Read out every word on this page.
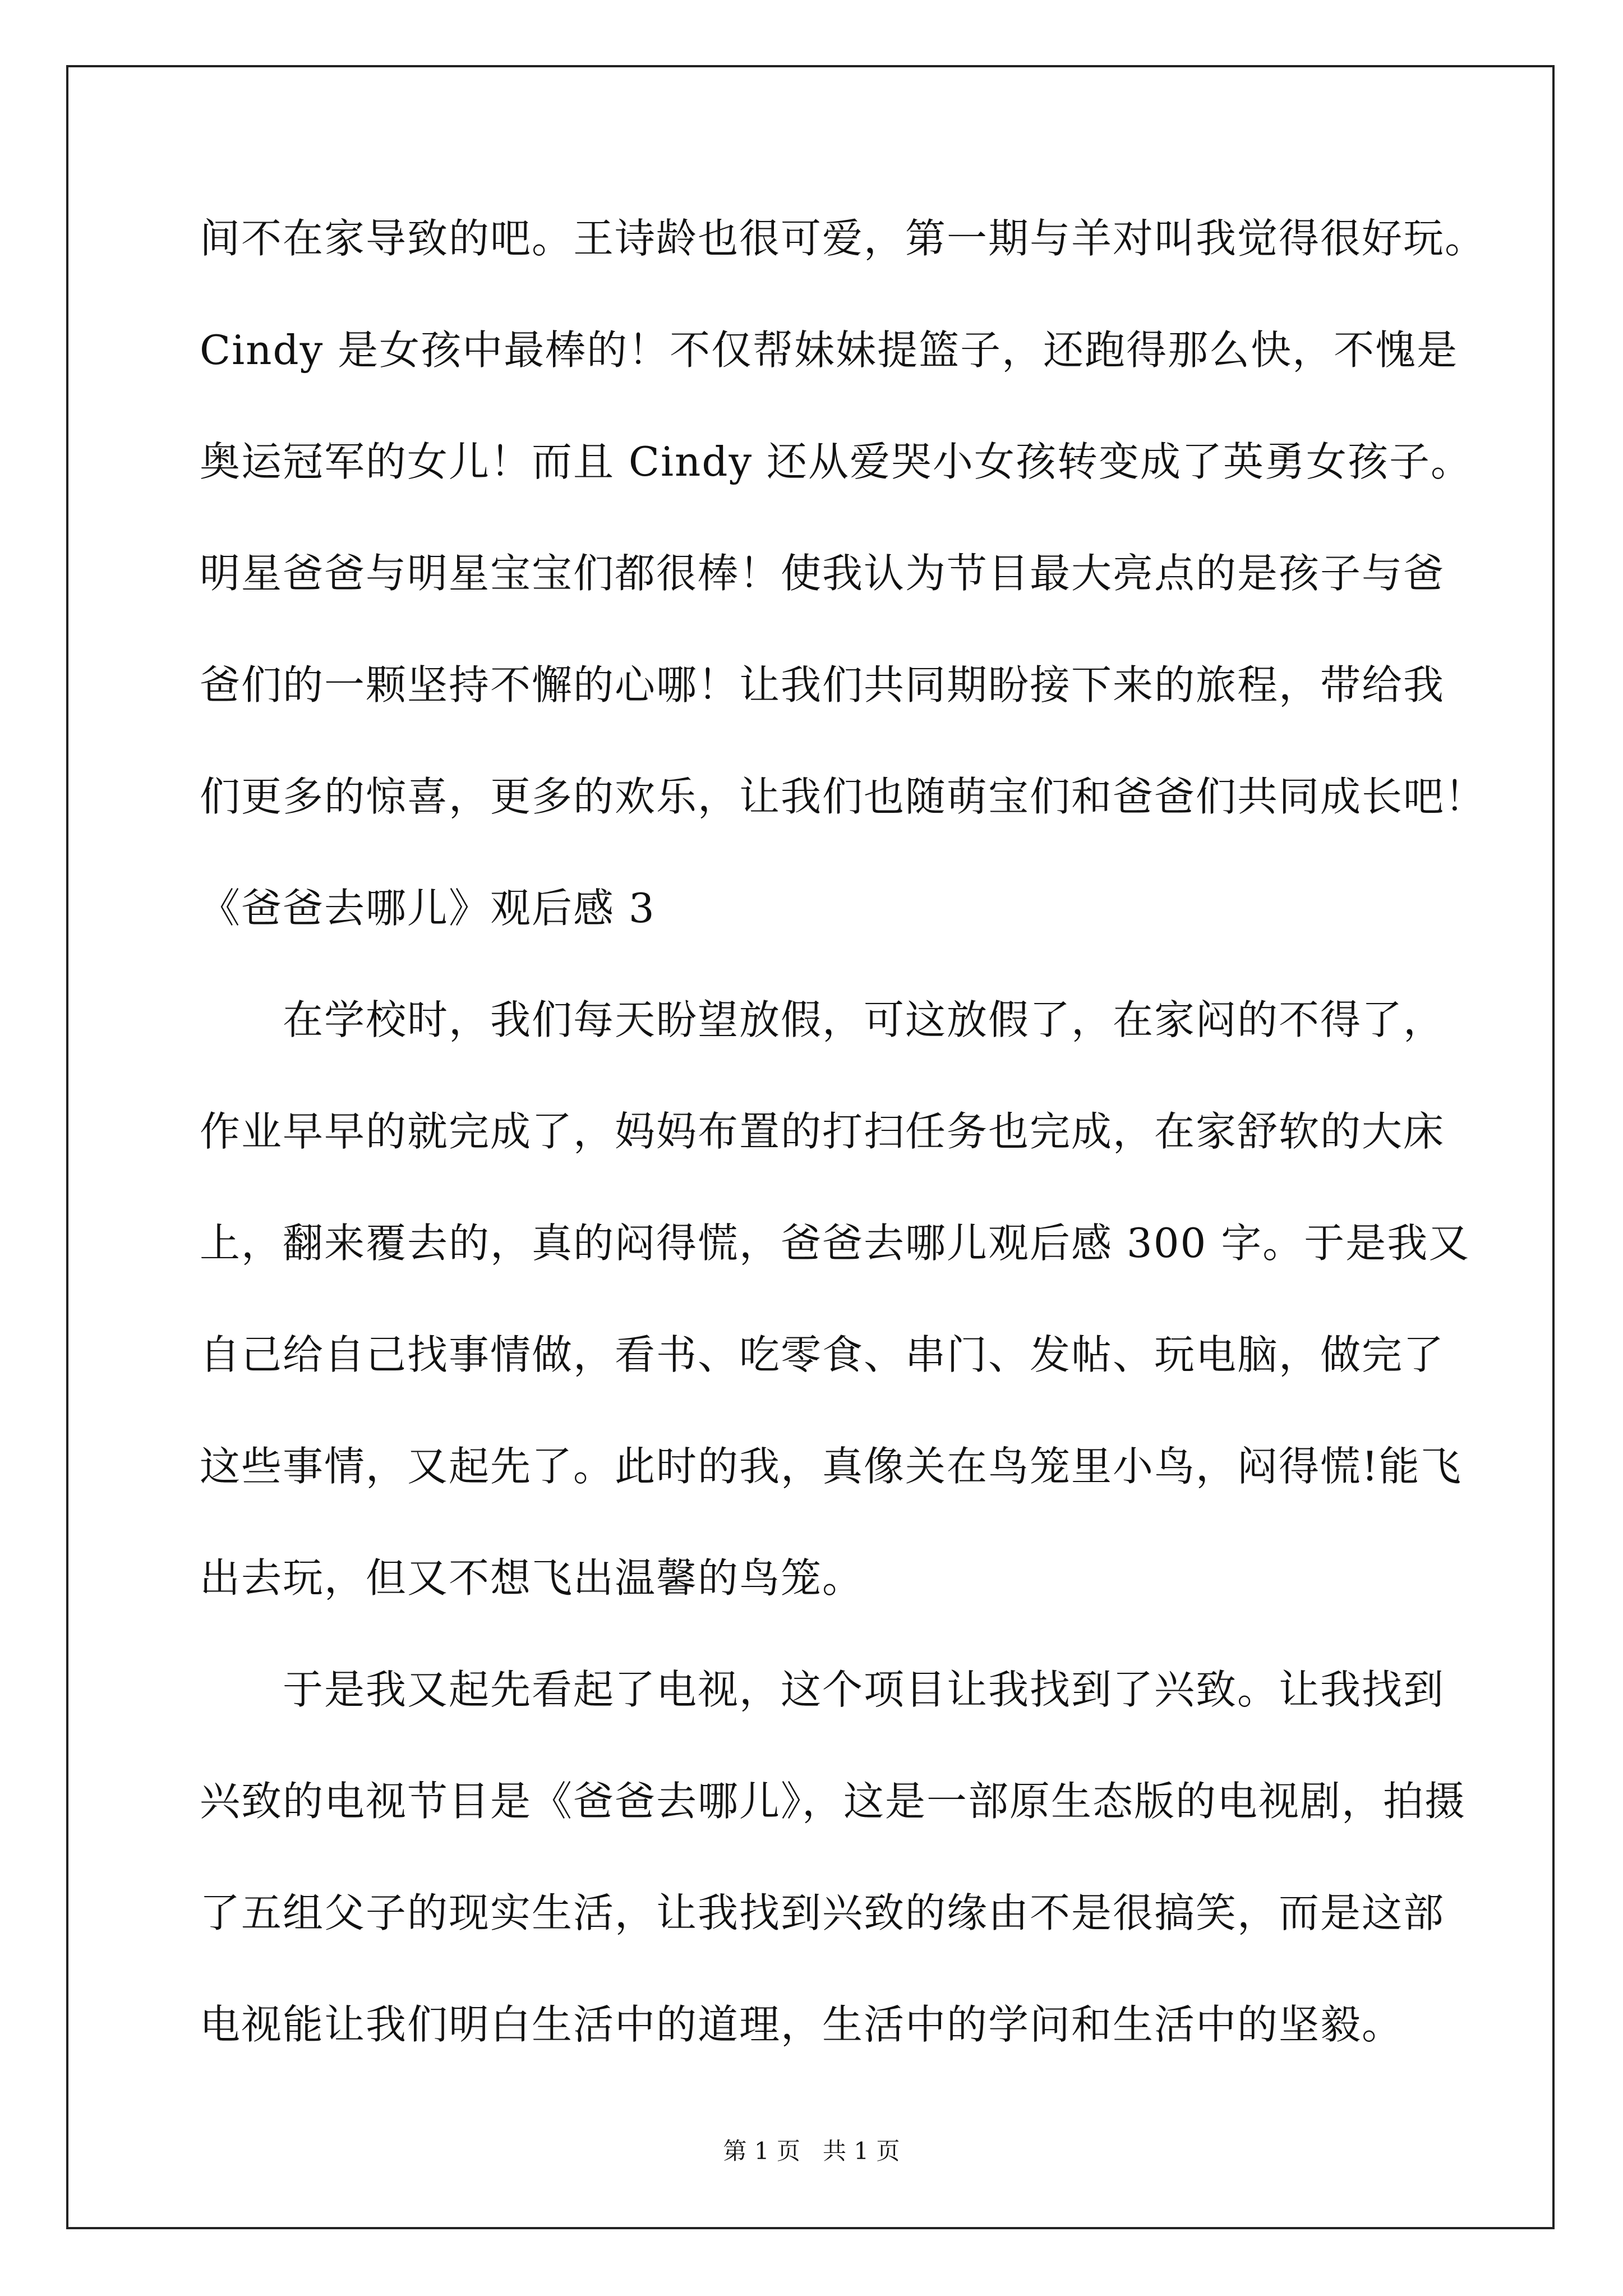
间不在家导致的吧。王诗龄也很可爱，第一期与羊对叫我觉得很好玩。
Cindy 是女孩中最棒的！不仅帮妹妹提篮子，还跑得那么快，不愧是
奥运冠军的女儿！而且 Cindy 还从爱哭小女孩转变成了英勇女孩子。
明星爸爸与明星宝宝们都很棒！使我认为节目最大亮点的是孩子与爸
爸们的一颗坚持不懈的心哪！让我们共同期盼接下来的旅程，带给我
们更多的惊喜，更多的欢乐，让我们也随萌宝们和爸爸们共同成长吧！
《爸爸去哪儿》观后感 3
在学校时，我们每天盼望放假，可这放假了，在家闷的不得了，
作业早早的就完成了，妈妈布置的打扫任务也完成，在家舒软的大床
上，翻来覆去的，真的闷得慌，爸爸去哪儿观后感 300 字。于是我又
自己给自己找事情做，看书、吃零食、串门、发帖、玩电脑，做完了
这些事情，又起先了。此时的我，真像关在鸟笼里小鸟，闷得慌!能飞
出去玩，但又不想飞出温馨的鸟笼。
于是我又起先看起了电视，这个项目让我找到了兴致。让我找到
兴致的电视节目是《爸爸去哪儿》，这是一部原生态版的电视剧，拍摄
了五组父子的现实生活，让我找到兴致的缘由不是很搞笑，而是这部
电视能让我们明白生活中的道理，生活中的学问和生活中的坚毅。
第 1 页   共 1 页
